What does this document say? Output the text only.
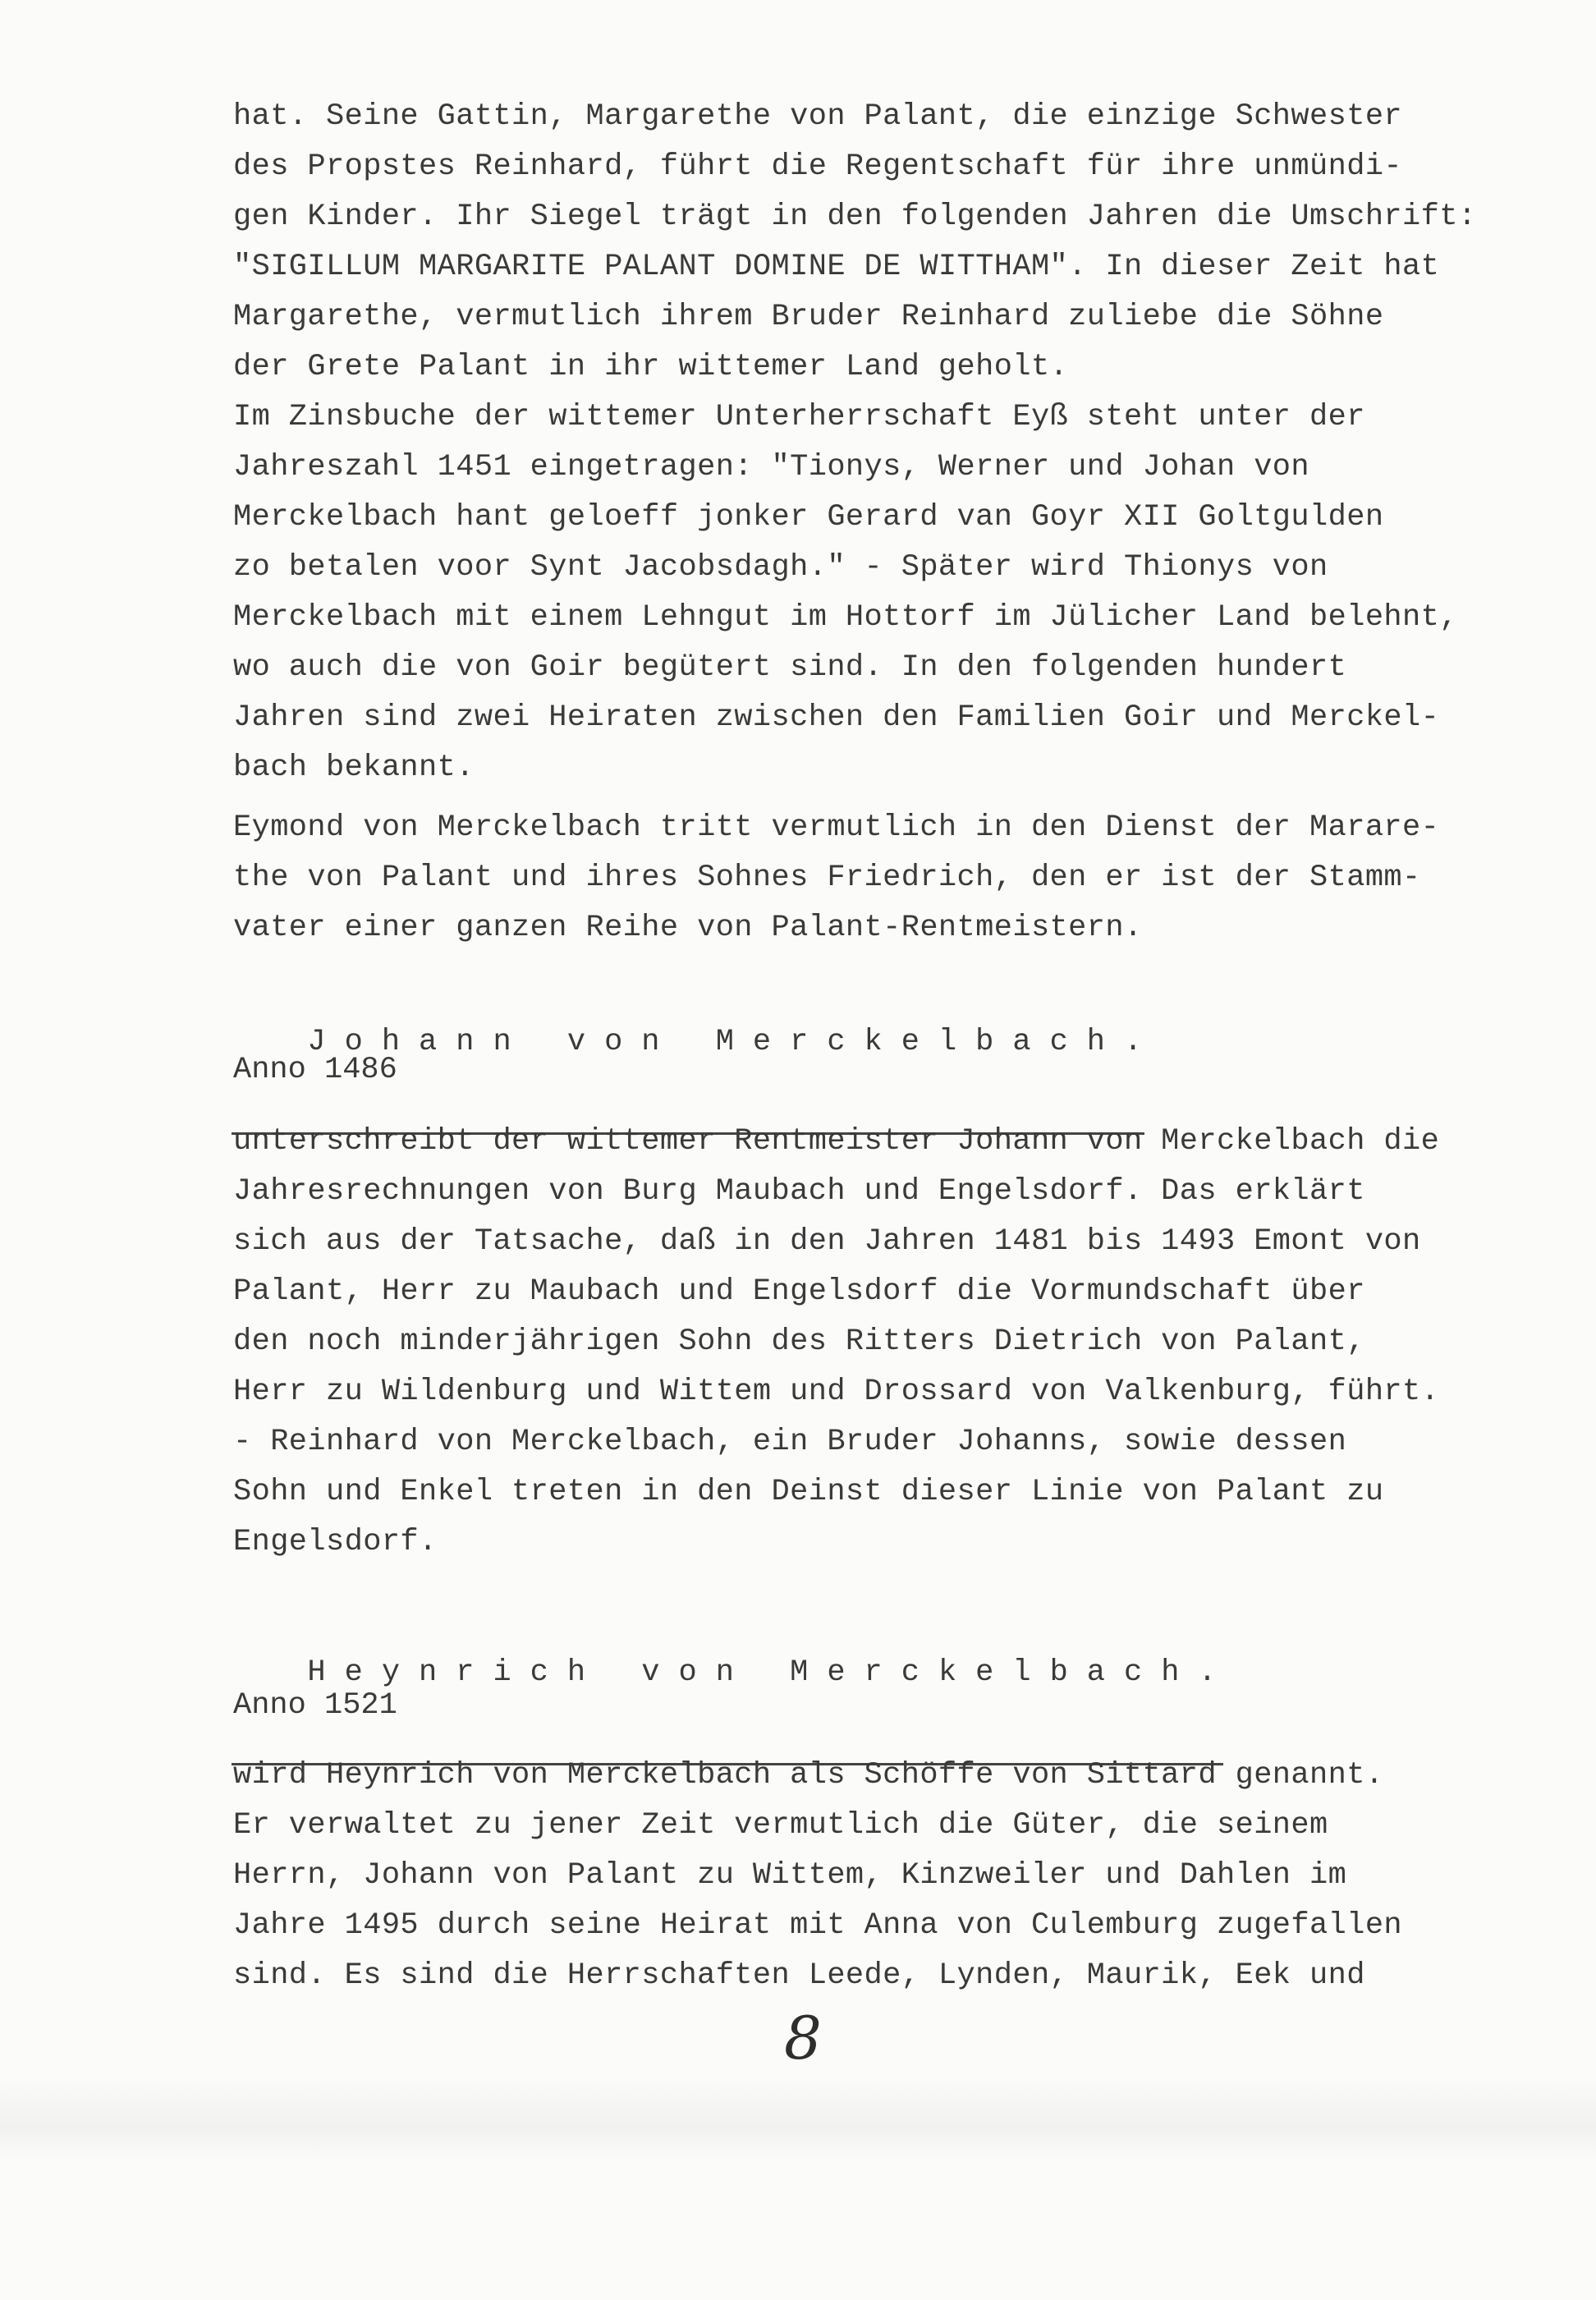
hat. Seine Gattin, Margarethe von Palant, die einzige Schwester
des Propstes Reinhard, führt die Regentschaft für ihre unmündi-
gen Kinder. Ihr Siegel trägt in den folgenden Jahren die Umschrift:
"SIGILLUM MARGARITE PALANT DOMINE DE WITTHAM". In dieser Zeit hat
Margarethe, vermutlich ihrem Bruder Reinhard zuliebe die Söhne
der Grete Palant in ihr wittemer Land geholt.
Im Zinsbuche der wittemer Unterherrschaft Eyß steht unter der
Jahreszahl 1451 eingetragen: "Tionys, Werner und Johan von
Merckelbach hant geloeff jonker Gerard van Goyr XII Goltgulden
zo betalen voor Synt Jacobsdagh." - Später wird Thionys von
Merckelbach mit einem Lehngut im Hottorf im Jülicher Land belehnt,
wo auch die von Goir begütert sind. In den folgenden hundert
Jahren sind zwei Heiraten zwischen den Familien Goir und Merckel-
bach bekannt.
Eymond von Merckelbach tritt vermutlich in den Dienst der Marare-
the von Palant und ihres Sohnes Friedrich, den er ist der Stamm-
vater einer ganzen Reihe von Palant-Rentmeistern.

J o h a n n   v o n   M e r c k e l b a c h .

Anno 1486
unterschreibt der wittemer Rentmeister Johann von Merckelbach die
Jahresrechnungen von Burg Maubach und Engelsdorf. Das erklärt
sich aus der Tatsache, daß in den Jahren 1481 bis 1493 Emont von
Palant, Herr zu Maubach und Engelsdorf die Vormundschaft über
den noch minderjährigen Sohn des Ritters Dietrich von Palant,
Herr zu Wildenburg und Wittem und Drossard von Valkenburg, führt.
- Reinhard von Merckelbach, ein Bruder Johanns, sowie dessen
Sohn und Enkel treten in den Deinst dieser Linie von Palant zu
Engelsdorf.

H e y n r i c h   v o n   M e r c k e l b a c h .

Anno 1521
wird Heynrich von Merckelbach als Schöffe von Sittard genannt.
Er verwaltet zu jener Zeit vermutlich die Güter, die seinem
Herrn, Johann von Palant zu Wittem, Kinzweiler und Dahlen im
Jahre 1495 durch seine Heirat mit Anna von Culemburg zugefallen
sind. Es sind die Herrschaften Leede, Lynden, Maurik, Eek und
8
